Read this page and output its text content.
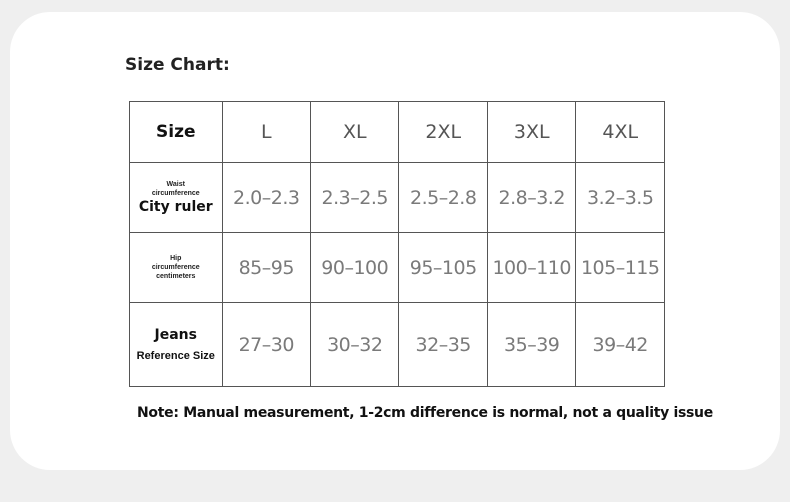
Size Chart:
Size	L	XL	2XL	3XL	4XL

Waist
circumference
City ruler	2.0–2.3	2.3–2.5	2.5–2.8	2.8–3.2	3.2–3.5

Hip
circumference
centimeters	85–95	90–100	95–105	100–110	105–115

Jeans
Reference Size	27–30	30–32	32–35	35–39	39–42
Note: Manual measurement, 1-2cm difference is normal, not a quality issue
